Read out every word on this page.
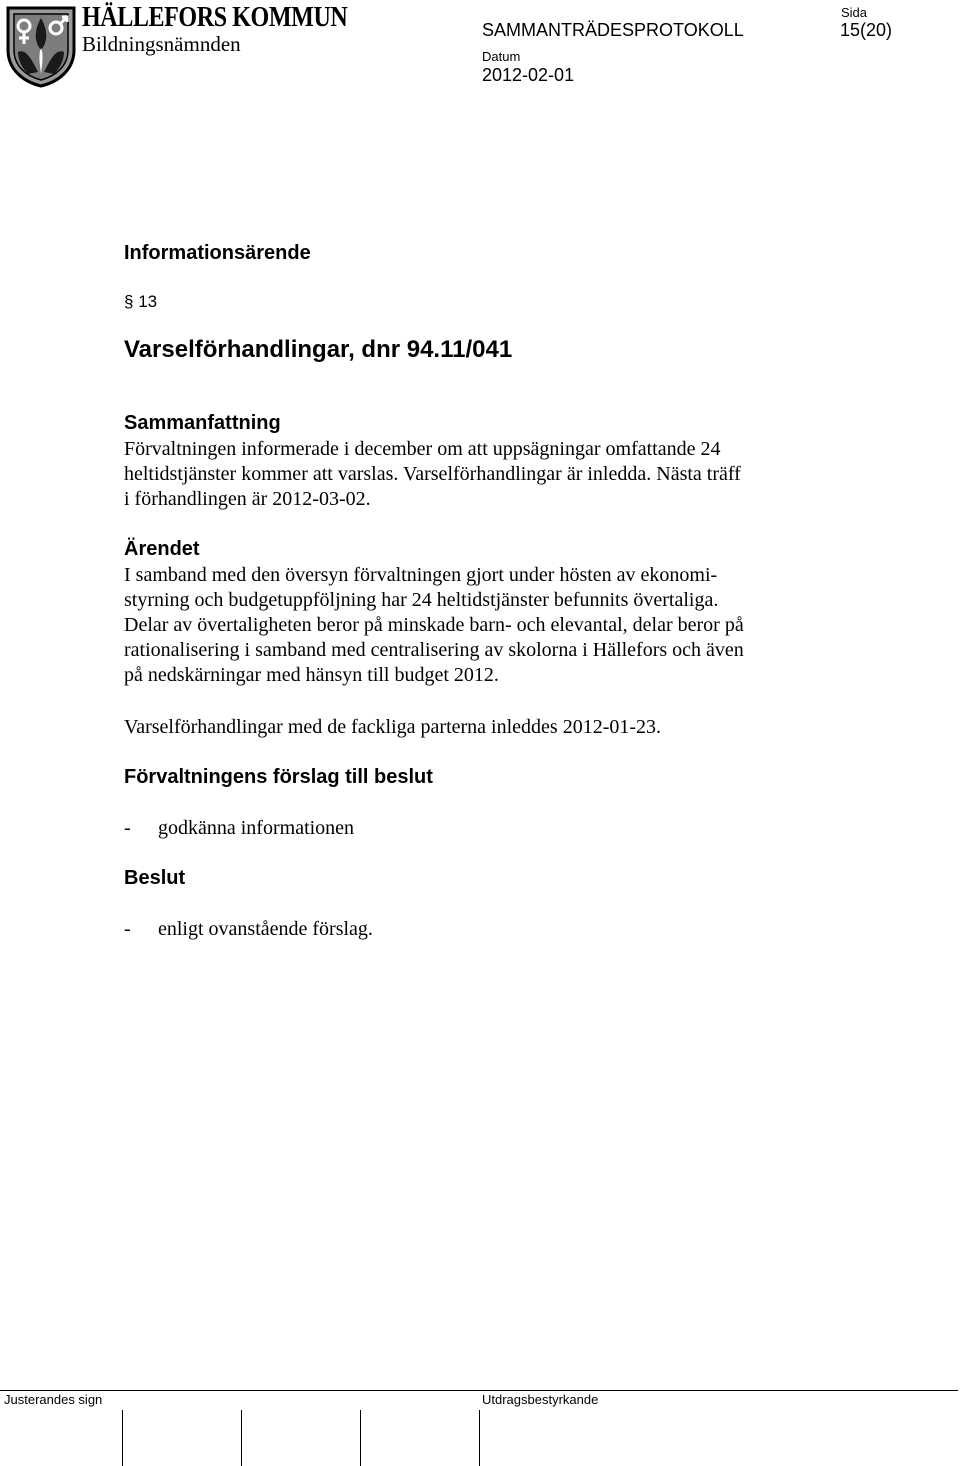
HÄLLEFORS KOMMUN
Bildningsnämnden
SAMMANTRÄDESPROTOKOLL
Sida
15(20)
Datum
2012-02-01
Informationsärende
§ 13
Varselförhandlingar, dnr 94.11/041
Sammanfattning
Förvaltningen informerade i december om att uppsägningar omfattande 24
heltidstjänster kommer att varslas. Varselförhandlingar är inledda. Nästa träff
i förhandlingen är 2012-03-02.
Ärendet
I samband med den översyn förvaltningen gjort under hösten av ekonomi-
styrning och budgetuppföljning har 24 heltidstjänster befunnits övertaliga.
Delar av övertaligheten beror på minskade barn- och elevantal, delar beror på
rationalisering i samband med centralisering av skolorna i Hällefors och även
på nedskärningar med hänsyn till budget 2012.
Varselförhandlingar med de fackliga parterna inleddes 2012-01-23.
Förvaltningens förslag till beslut
- godkänna informationen
Beslut
- enligt ovanstående förslag.
Justerandes sign	Utdragsbestyrkande
